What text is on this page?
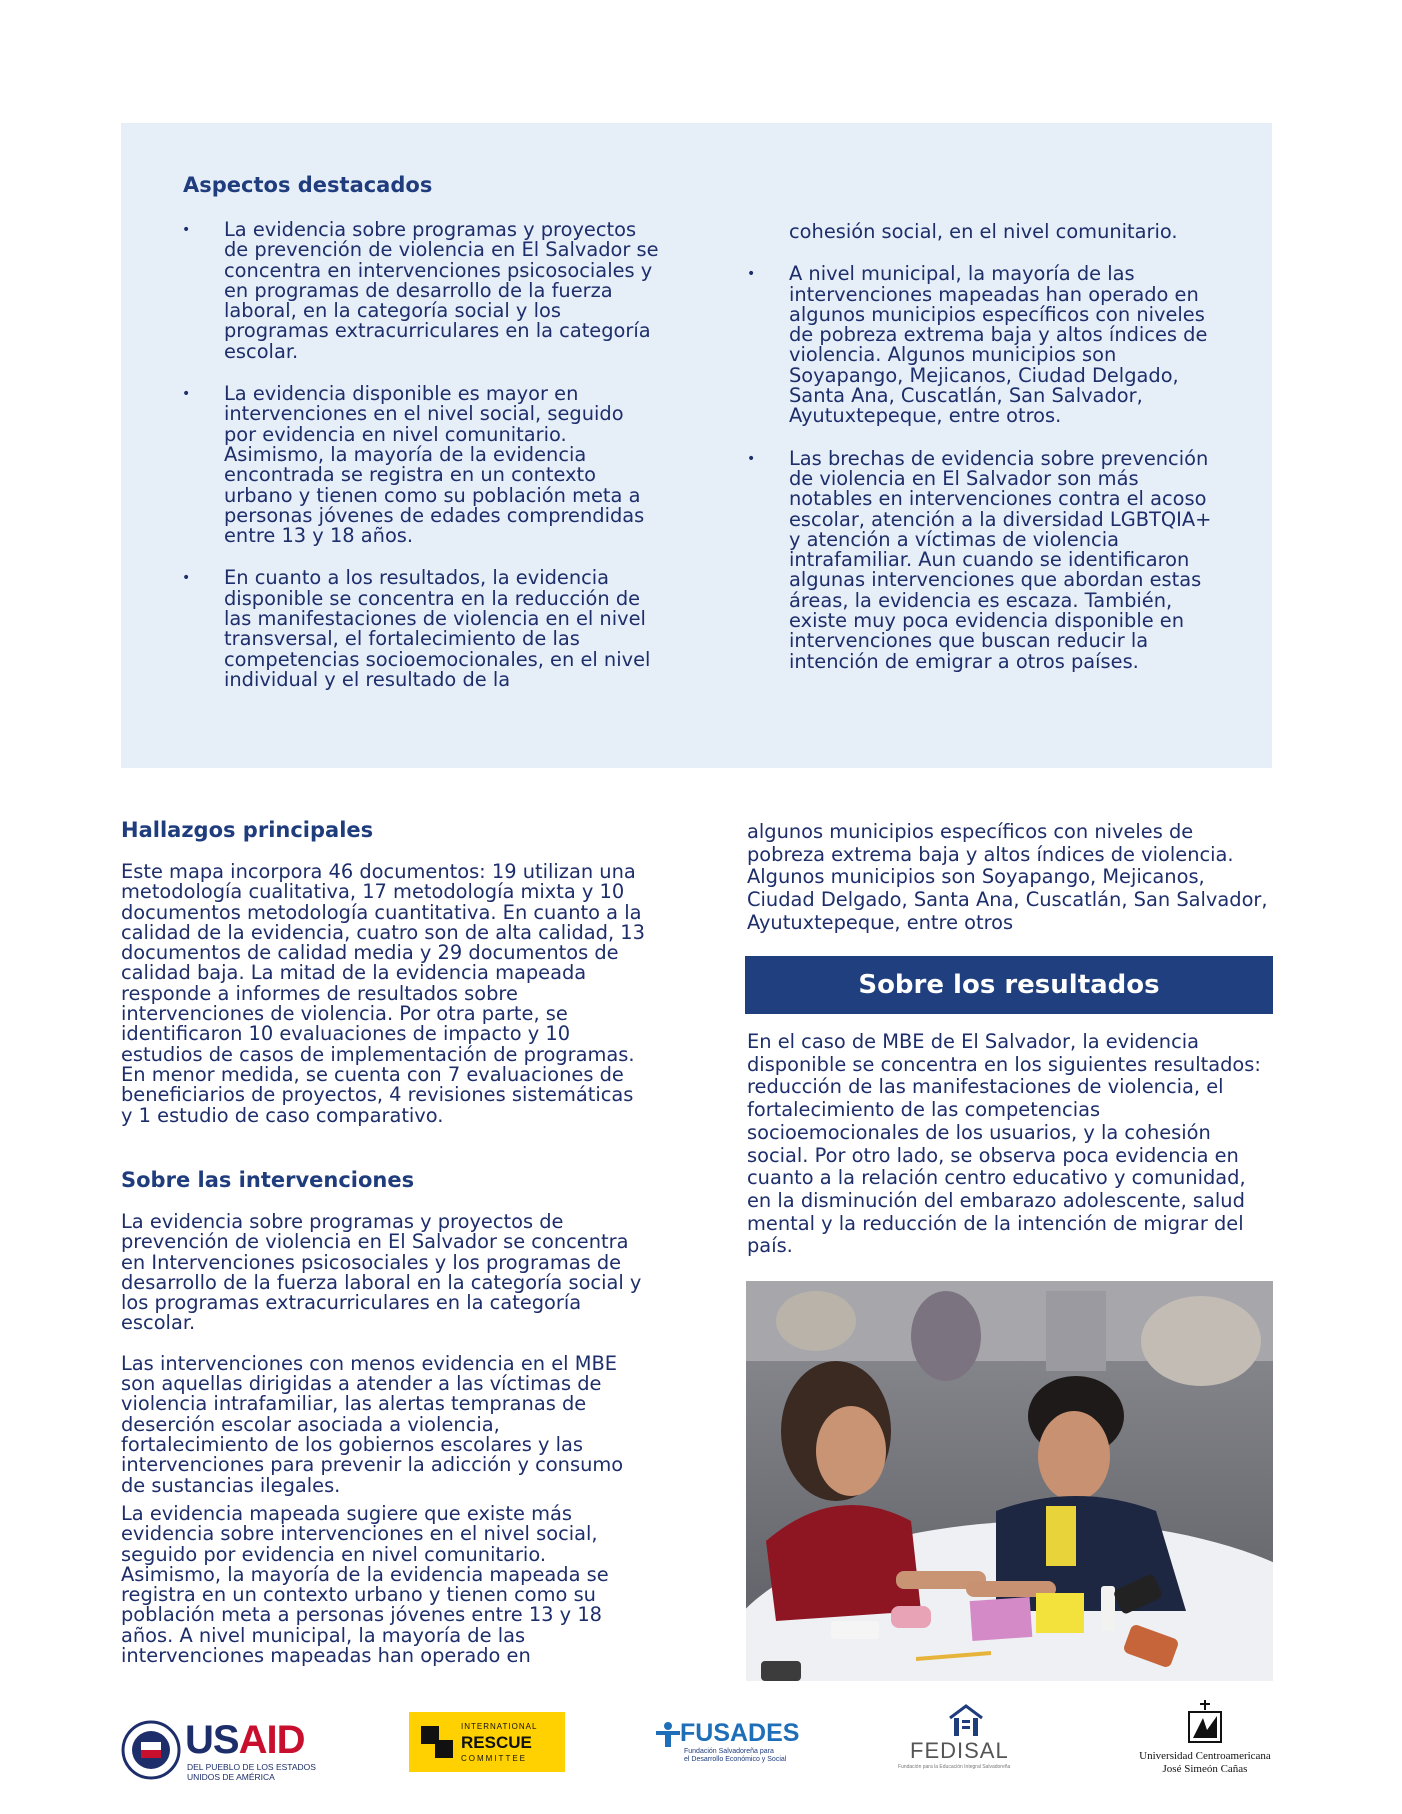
Aspectos destacados
• La evidencia sobre programas y proyectos de prevención de violencia en El Salvador se concentra en intervenciones psicosociales y en programas de desarrollo de la fuerza laboral, en la categoría social y los programas extracurriculares en la categoría escolar.
• La evidencia disponible es mayor en intervenciones en el nivel social, seguido por evidencia en nivel comunitario. Asimismo, la mayoría de la evidencia encontrada se registra en un contexto urbano y tienen como su población meta a personas jóvenes de edades comprendidas entre 13 y 18 años.
• En cuanto a los resultados, la evidencia disponible se concentra en la reducción de las manifestaciones de violencia en el nivel transversal, el fortalecimiento de las competencias socioemocionales, en el nivel individual y el resultado de la
cohesión social, en el nivel comunitario.
• A nivel municipal, la mayoría de las intervenciones mapeadas han operado en algunos municipios específicos con niveles de pobreza extrema baja y altos índices de violencia. Algunos municipios son Soyapango, Mejicanos, Ciudad Delgado, Santa Ana, Cuscatlán, San Salvador, Ayutuxtepeque, entre otros.
• Las brechas de evidencia sobre prevención de violencia en El Salvador son más notables en intervenciones contra el acoso escolar, atención a la diversidad LGBTQIA+ y atención a víctimas de violencia intrafamiliar. Aun cuando se identificaron algunas intervenciones que abordan estas áreas, la evidencia es escaza. También, existe muy poca evidencia disponible en intervenciones que buscan reducir la intención de emigrar a otros países.
Hallazgos principales

Este mapa incorpora 46 documentos: 19 utilizan una metodología cualitativa, 17 metodología mixta y 10 documentos metodología cuantitativa. En cuanto a la calidad de la evidencia, cuatro son de alta calidad, 13 documentos de calidad media y 29 documentos de calidad baja. La mitad de la evidencia mapeada responde a informes de resultados sobre intervenciones de violencia. Por otra parte, se identificaron 10 evaluaciones de impacto y 10 estudios de casos de implementación de programas. En menor medida, se cuenta con 7 evaluaciones de beneficiarios de proyectos, 4 revisiones sistemáticas y 1 estudio de caso comparativo.

Sobre las intervenciones

La evidencia sobre programas y proyectos de prevención de violencia en El Salvador se concentra en Intervenciones psicosociales y los programas de desarrollo de la fuerza laboral en la categoría social y los programas extracurriculares en la categoría escolar.

Las intervenciones con menos evidencia en el MBE son aquellas dirigidas a atender a las víctimas de violencia intrafamiliar, las alertas tempranas de deserción escolar asociada a violencia, fortalecimiento de los gobiernos escolares y las intervenciones para prevenir la adicción y consumo de sustancias ilegales.

La evidencia mapeada sugiere que existe más evidencia sobre intervenciones en el nivel social, seguido por evidencia en nivel comunitario. Asimismo, la mayoría de la evidencia mapeada se registra en un contexto urbano y tienen como su población meta a personas jóvenes entre 13 y 18 años. A nivel municipal, la mayoría de las intervenciones mapeadas han operado en

algunos municipios específicos con niveles de pobreza extrema baja y altos índices de violencia. Algunos municipios son Soyapango, Mejicanos, Ciudad Delgado, Santa Ana, Cuscatlán, San Salvador, Ayutuxtepeque, entre otros

Sobre los resultados

En el caso de MBE de El Salvador, la evidencia disponible se concentra en los siguientes resultados: reducción de las manifestaciones de violencia, el fortalecimiento de las competencias socioemocionales de los usuarios, y la cohesión social. Por otro lado, se observa poca evidencia en cuanto a la relación centro educativo y comunidad, en la disminución del embarazo adolescente, salud mental y la reducción de la intención de migrar del país.

USAID
DEL PUEBLO DE LOS ESTADOS
UNIDOS DE AMÉRICA
INTERNATIONAL
RESCUE
COMMITTEE
FUSADES
Fundación Salvadoreña para
el Desarrollo Económico y Social	FEDISAL
Fundación para la Educación Integral Salvadoreña
Universidad Centroamericana
José Simeón Cañas
